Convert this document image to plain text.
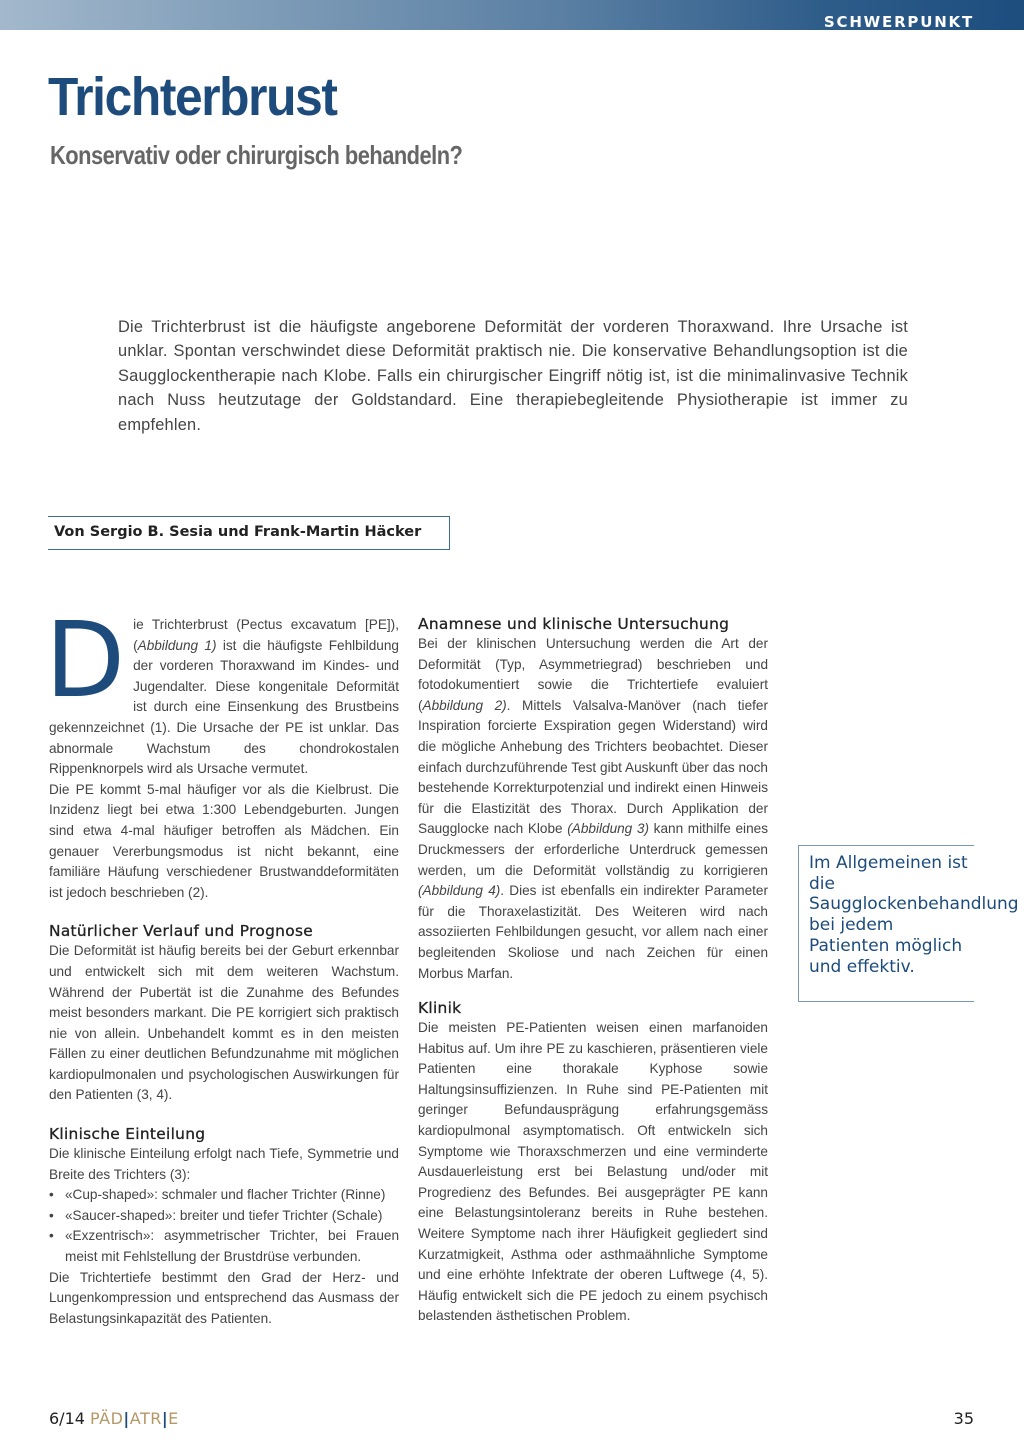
SCHWERPUNKT
Trichterbrust
Konservativ oder chirurgisch behandeln?

Die Trichterbrust ist die häufigste angeborene Deformität der vorderen Thoraxwand. Ihre Ursache ist unklar. Spontan verschwindet diese Deformität praktisch nie. Die konservative Behandlungsoption ist die Saugglockentherapie nach Klobe. Falls ein chirurgischer Eingriff nötig ist, ist die minimalinvasive Technik nach Nuss heutzutage der Goldstandard. Eine therapiebegleitende Physiotherapie ist immer zu empfehlen.

Von Sergio B. Sesia und Frank-Martin Häcker

Die Trichterbrust (Pectus excavatum [PE]), (Abbildung 1) ist die häufigste Fehlbildung der vorderen Thoraxwand im Kindes- und Jugendalter. Diese kongenitale Deformität ist durch eine Einsenkung des Brustbeins gekennzeichnet (1). Die Ursache der PE ist unklar. Das abnormale Wachstum des chondrokostalen Rippenknorpels wird als Ursache vermutet.

Die PE kommt 5-mal häufiger vor als die Kielbrust. Die Inzidenz liegt bei etwa 1:300 Lebendgeburten. Jungen sind etwa 4-mal häufiger betroffen als Mädchen. Ein genauer Vererbungsmodus ist nicht bekannt, eine familiäre Häufung verschiedener Brustwanddeformitäten ist jedoch beschrieben (2).

Natürlicher Verlauf und Prognose

Die Deformität ist häufig bereits bei der Geburt erkennbar und entwickelt sich mit dem weiteren Wachstum. Während der Pubertät ist die Zunahme des Befundes meist besonders markant. Die PE korrigiert sich praktisch nie von allein. Unbehandelt kommt es in den meisten Fällen zu einer deutlichen Befundzunahme mit möglichen kardiopulmonalen und psychologischen Auswirkungen für den Patienten (3, 4).

Klinische Einteilung

Die klinische Einteilung erfolgt nach Tiefe, Symmetrie und Breite des Trichters (3):

• «Cup-shaped»: schmaler und flacher Trichter (Rinne)
• «Saucer-shaped»: breiter und tiefer Trichter (Schale)
• «Exzentrisch»: asymmetrischer Trichter, bei Frauen meist mit Fehlstellung der Brustdrüse verbunden.

Die Trichtertiefe bestimmt den Grad der Herz- und Lungenkompression und entsprechend das Ausmass der Belastungsinkapazität des Patienten.

Anamnese und klinische Untersuchung

Bei der klinischen Untersuchung werden die Art der Deformität (Typ, Asymmetriegrad) beschrieben und fotodokumentiert sowie die Trichtertiefe evaluiert (Abbildung 2). Mittels Valsalva-Manöver (nach tiefer Inspiration forcierte Exspiration gegen Widerstand) wird die mögliche Anhebung des Trichters beobachtet. Dieser einfach durchzuführende Test gibt Auskunft über das noch bestehende Korrekturpotenzial und indirekt einen Hinweis für die Elastizität des Thorax. Durch Applikation der Saugglocke nach Klobe (Abbildung 3) kann mithilfe eines Druckmessers der erforderliche Unterdruck gemessen werden, um die Deformität vollständig zu korrigieren (Abbildung 4). Dies ist ebenfalls ein indirekter Parameter für die Thoraxelastizität. Des Weiteren wird nach assoziierten Fehlbildungen gesucht, vor allem nach einer begleitenden Skoliose und nach Zeichen für einen Morbus Marfan.

Klinik

Die meisten PE-Patienten weisen einen marfanoiden Habitus auf. Um ihre PE zu kaschieren, präsentieren viele Patienten eine thorakale Kyphose sowie Haltungsinsuffizienzen. In Ruhe sind PE-Patienten mit geringer Befundausprägung erfahrungsgemäss kardiopulmonal asymptomatisch. Oft entwickeln sich Symptome wie Thoraxschmerzen und eine verminderte Ausdauerleistung erst bei Belastung und/oder mit Progredienz des Befundes. Bei ausgeprägter PE kann eine Belastungsintoleranz bereits in Ruhe bestehen. Weitere Symptome nach ihrer Häufigkeit gegliedert sind Kurzatmigkeit, Asthma oder asthmaähnliche Symptome und eine erhöhte Infektrate der oberen Luftwege (4, 5). Häufig entwickelt sich die PE jedoch zu einem psychisch belastenden ästhetischen Problem.

Im Allgemeinen ist die Saugglockenbehandlung bei jedem Patienten möglich und effektiv.
6/14 PÄD|ATR|E	35
